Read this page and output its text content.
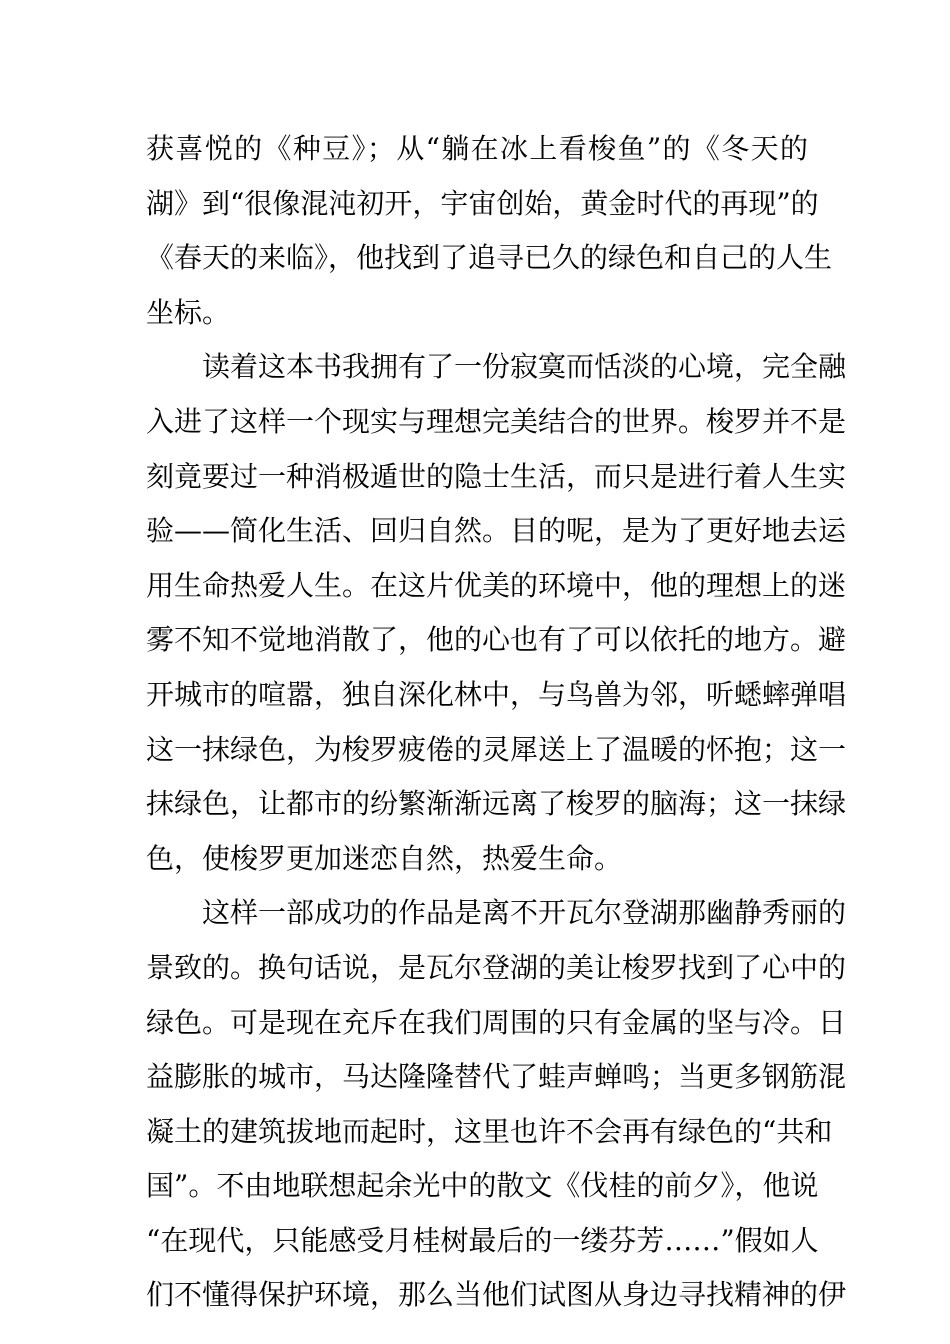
获喜悦的《种豆》；从“躺在冰上看梭鱼”的《冬天的
湖》到“很像混沌初开，宇宙创始，黄金时代的再现”的
《春天的来临》，他找到了追寻已久的绿色和自己的人生
坐标。
读着这本书我拥有了一份寂寞而恬淡的心境，完全融
入进了这样一个现实与理想完美结合的世界。梭罗并不是
刻竟要过一种消极遁世的隐士生活，而只是进行着人生实
验——简化生活、回归自然。目的呢，是为了更好地去运
用生命热爱人生。在这片优美的环境中，他的理想上的迷
雾不知不觉地消散了，他的心也有了可以依托的地方。避
开城市的喧嚣，独自深化林中，与鸟兽为邻，听蟋蟀弹唱
这一抹绿色，为梭罗疲倦的灵犀送上了温暖的怀抱；这一
抹绿色，让都市的纷繁渐渐远离了梭罗的脑海；这一抹绿
色，使梭罗更加迷恋自然，热爱生命。
这样一部成功的作品是离不开瓦尔登湖那幽静秀丽的
景致的。换句话说，是瓦尔登湖的美让梭罗找到了心中的
绿色。可是现在充斥在我们周围的只有金属的坚与冷。日
益膨胀的城市，马达隆隆替代了蛙声蝉鸣；当更多钢筋混
凝土的建筑拔地而起时，这里也许不会再有绿色的“共和
国”。不由地联想起余光中的散文《伐桂的前夕》，他说
“在现代，只能感受月桂树最后的一缕芬芳……”假如人
们不懂得保护环境，那么当他们试图从身边寻找精神的伊
